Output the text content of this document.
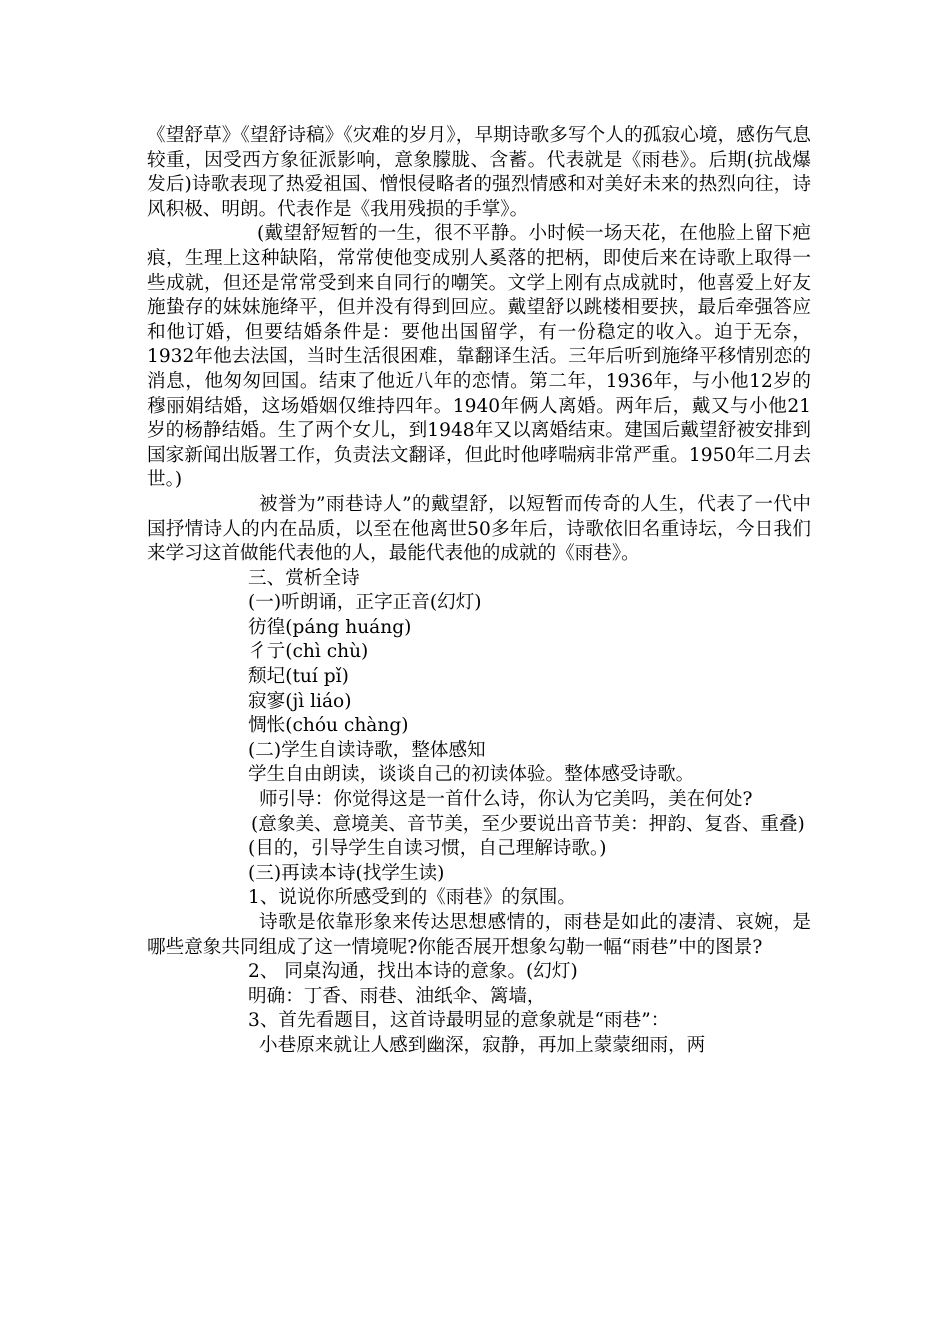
《望舒草》《望舒诗稿》《灾难的岁月》，早期诗歌多写个人的孤寂心境，感伤气息较重，因受西方象征派影响，意象朦胧、含蓄。代表就是《雨巷》。后期(抗战爆发后)诗歌表现了热爱祖国、憎恨侵略者的强烈情感和对美好未来的热烈向往，诗风积极、明朗。代表作是《我用残损的手掌》。

(戴望舒短暂的一生，很不平静。小时候一场天花，在他脸上留下疤痕，生理上这种缺陷，常常使他变成别人奚落的把柄，即使后来在诗歌上取得一些成就，但还是常常受到来自同行的嘲笑。文学上刚有点成就时，他喜爱上好友施蛰存的妹妹施绛平，但并没有得到回应。戴望舒以跳楼相要挟，最后牵强答应和他订婚，但要结婚条件是：要他出国留学，有一份稳定的收入。迫于无奈，1932年他去法国，当时生活很困难，靠翻译生活。三年后听到施绛平移情别恋的消息，他匆匆回国。结束了他近八年的恋情。第二年，1936年，与小他12岁的穆丽娟结婚，这场婚姻仅维持四年。1940年俩人离婚。两年后，戴又与小他21岁的杨静结婚。生了两个女儿，到1948年又以离婚结束。建国后戴望舒被安排到国家新闻出版署工作，负责法文翻译，但此时他哮喘病非常严重。1950年二月去世。)

被誉为”雨巷诗人”的戴望舒，以短暂而传奇的人生，代表了一代中国抒情诗人的内在品质，以至在他离世50多年后，诗歌依旧名重诗坛，今日我们来学习这首做能代表他的人，最能代表他的成就的《雨巷》。

三、赏析全诗

(一)听朗诵，正字正音(幻灯)

彷徨(páng huáng)

彳亍(chì chù)

颓圮(tuí pǐ)

寂寥(jì liáo)

惆怅(chóu chàng)

(二)学生自读诗歌，整体感知

学生自由朗读，谈谈自己的初读体验。整体感受诗歌。

师引导：你觉得这是一首什么诗，你认为它美吗，美在何处?

(意象美、意境美、音节美，至少要说出音节美：押韵、复沓、重叠)

(目的，引导学生自读习惯，自己理解诗歌。)

(三)再读本诗(找学生读)

1、说说你所感受到的《雨巷》的氛围。

诗歌是依靠形象来传达思想感情的，雨巷是如此的凄清、哀婉，是哪些意象共同组成了这一情境呢?你能否展开想象勾勒一幅“雨巷”中的图景?

2、 同桌沟通，找出本诗的意象。(幻灯)

明确：丁香、雨巷、油纸伞、篱墙，

3、首先看题目，这首诗最明显的意象就是“雨巷”：

小巷原来就让人感到幽深，寂静，再加上蒙蒙细雨，两
